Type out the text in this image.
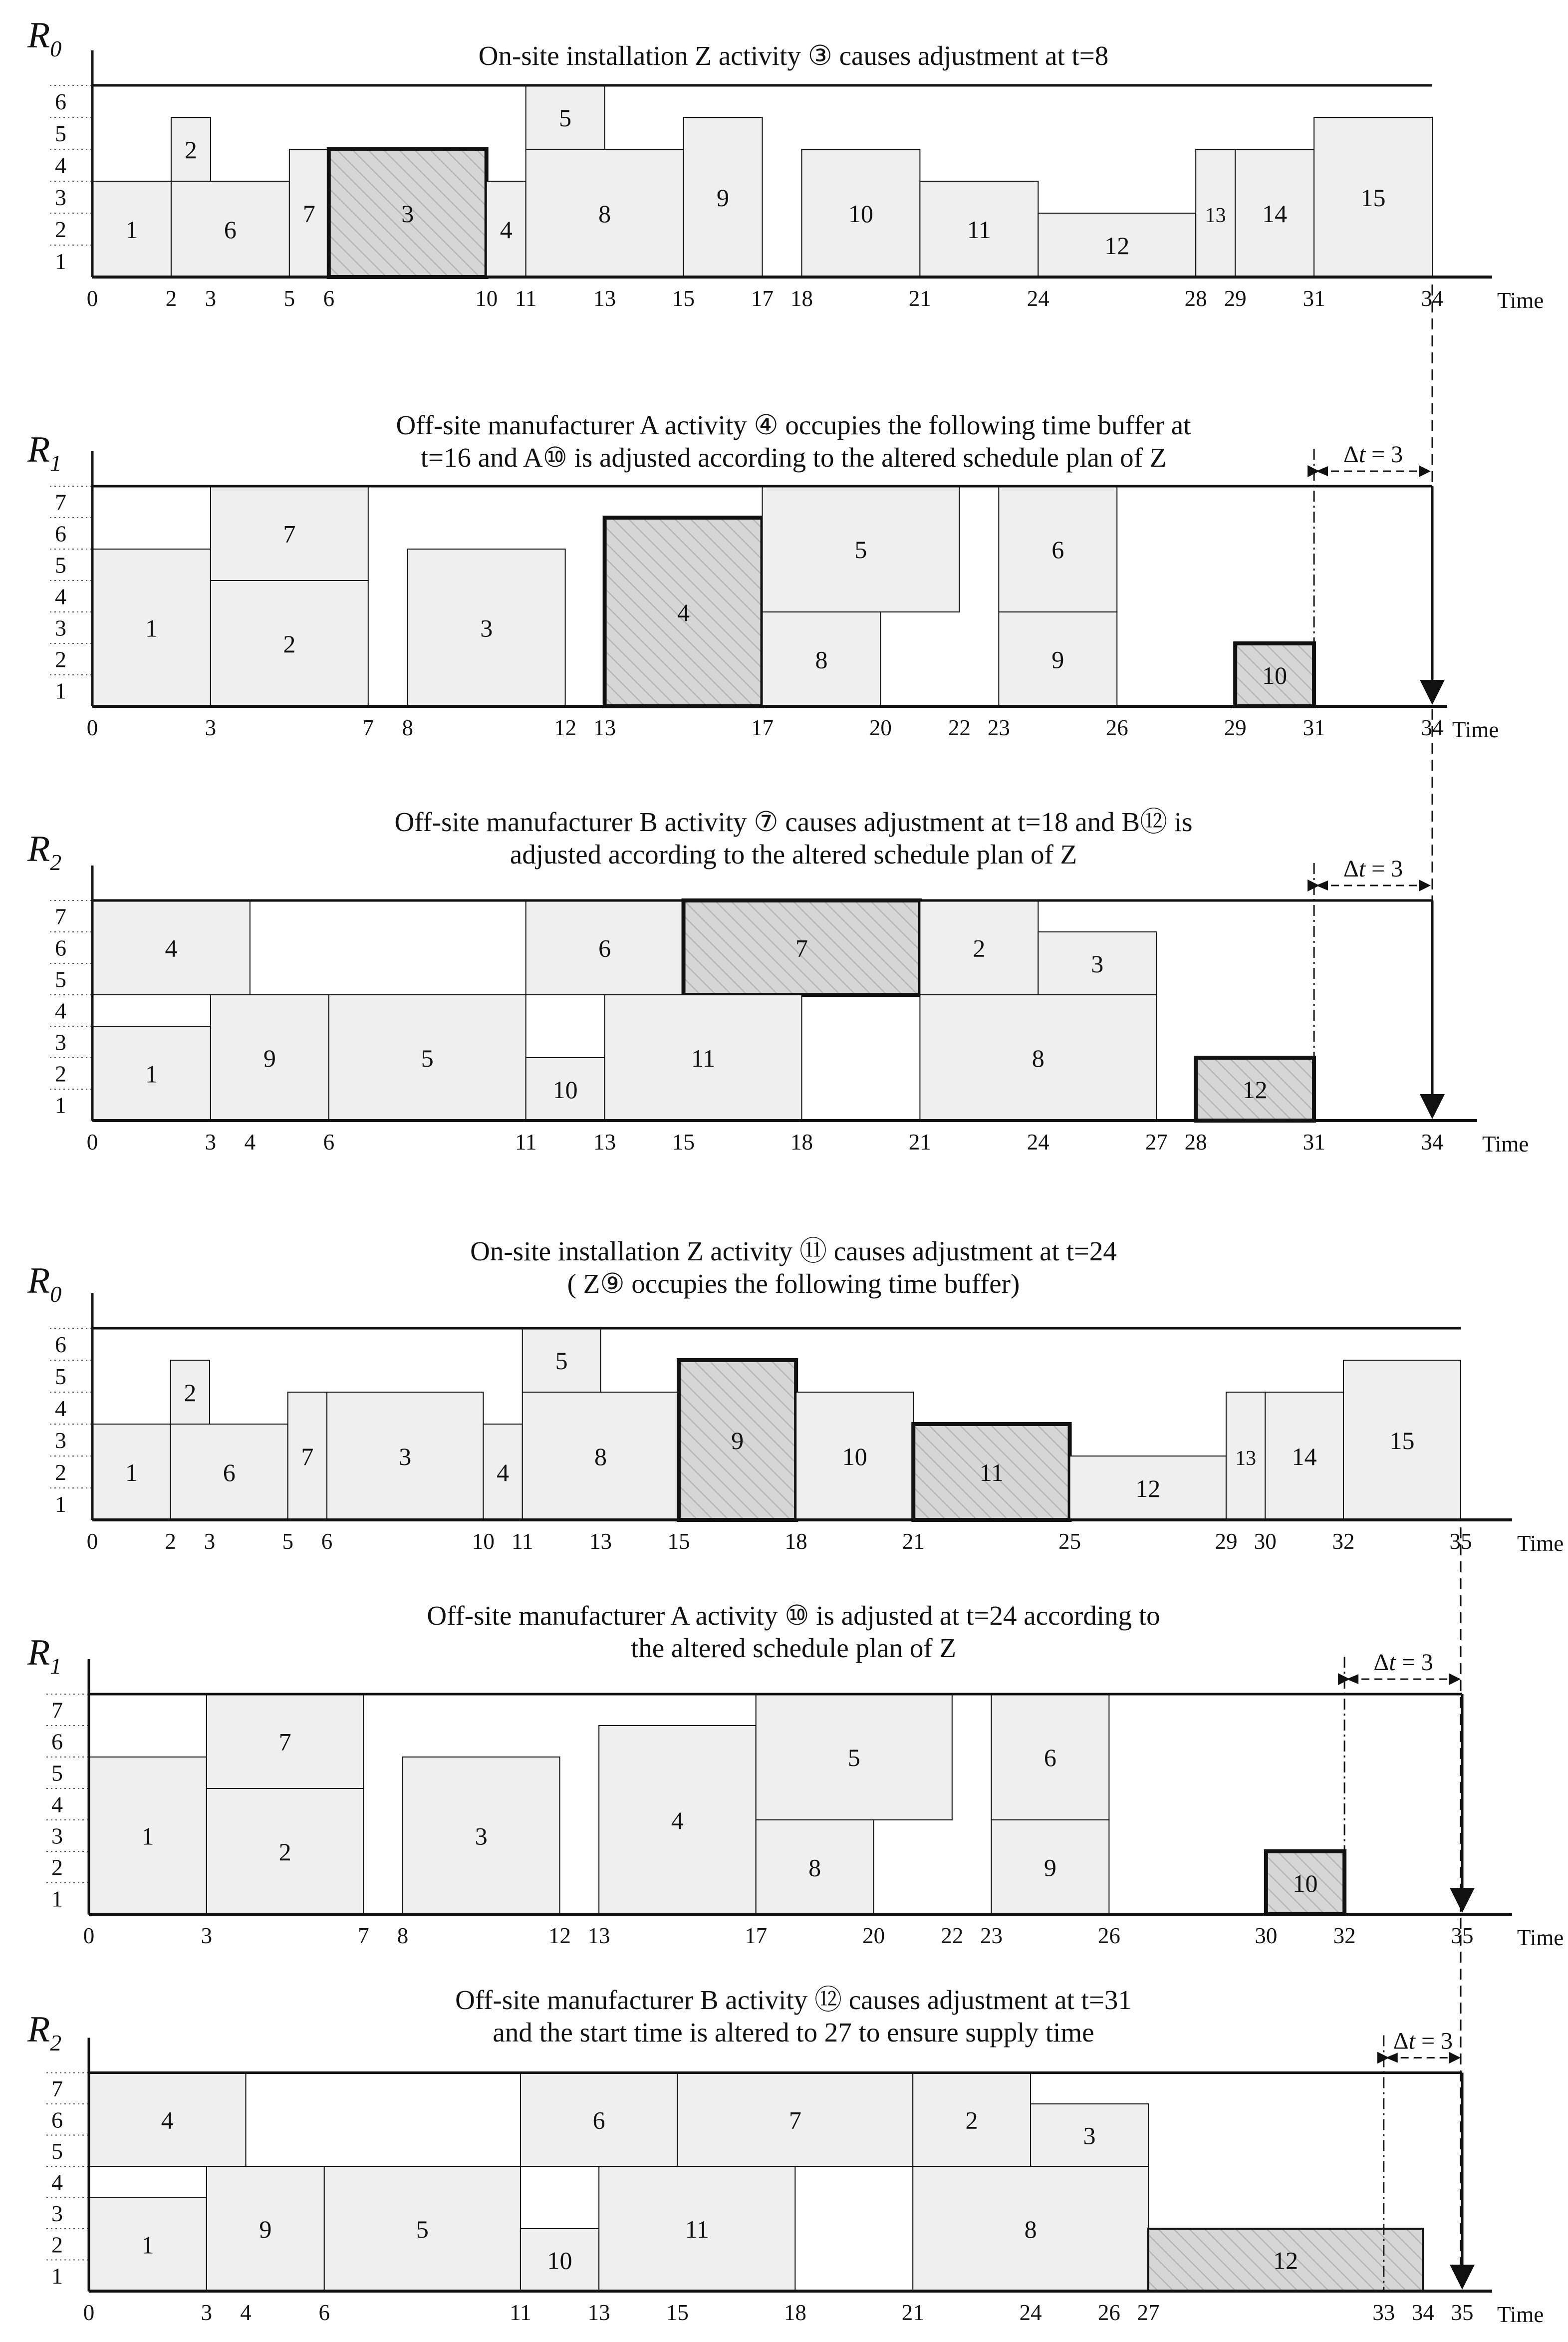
$R_0$	On-site installation Z activity ③ causes adjustment at t=8
1
2
3
4
5
6
1	6
2
7	3
4
8
5
9
10
11
12
13 14
15
0	2 3	5 6	10 11	13	15	17 18	21	24	28 29	31	34 Time
$R_1$
Off-site manufacturer A activity ④ occupies the following time buffer at
t=16 and A⑩ is adjusted according to the altered schedule plan of Z
1
2
3
4
5
6
7
1
2
7
3
4
8
5
9
6
10
0	3	7 8	12 13	17	20	22 23	26	29	31	34 Time
Δt = 3
$R_2$
Off-site manufacturer B activity ⑦ causes adjustment at t=18 and B⑫ is
adjusted according to the altered schedule plan of Z
1
2
3
4
5
6
7
4
1
9	5
6
10
7
11
2
3
8
12
0	3 4	6	11	13	15	18	21	24	27 28	31	34 Time
Δt = 3
$R_0$
On-site installation Z activity ⑪ causes adjustment at t=24
( Z⑨ occupies the following time buffer)
1
2
3
4
5
6
1	6
2
7	3
4
8
5
9
10
11
12
13 14
15
0	2 3	5 6	10 11	13 15	18	21	25	29 30 32	35 Time
$R_1$
Off-site manufacturer A activity ⑩ is adjusted at t=24 according to
the altered schedule plan of Z
1
2
3
4
5
6
7
1
2
7
3
4
8
5
9
6
10
0	3	7 8	12 13	17	20 22 23	26	30 32	35 Time
Δt = 3
$R_2$
Off-site manufacturer B activity ⑫ causes adjustment at t=31
and the start time is altered to 27 to ensure supply time
1
2
3
4
5
6
7
4
1
9	5
6
10
7
11
2
3
8
12
0	3 4	6	11	13 15	18	21	24 26 27	33 34 35 Time
Δt = 3
